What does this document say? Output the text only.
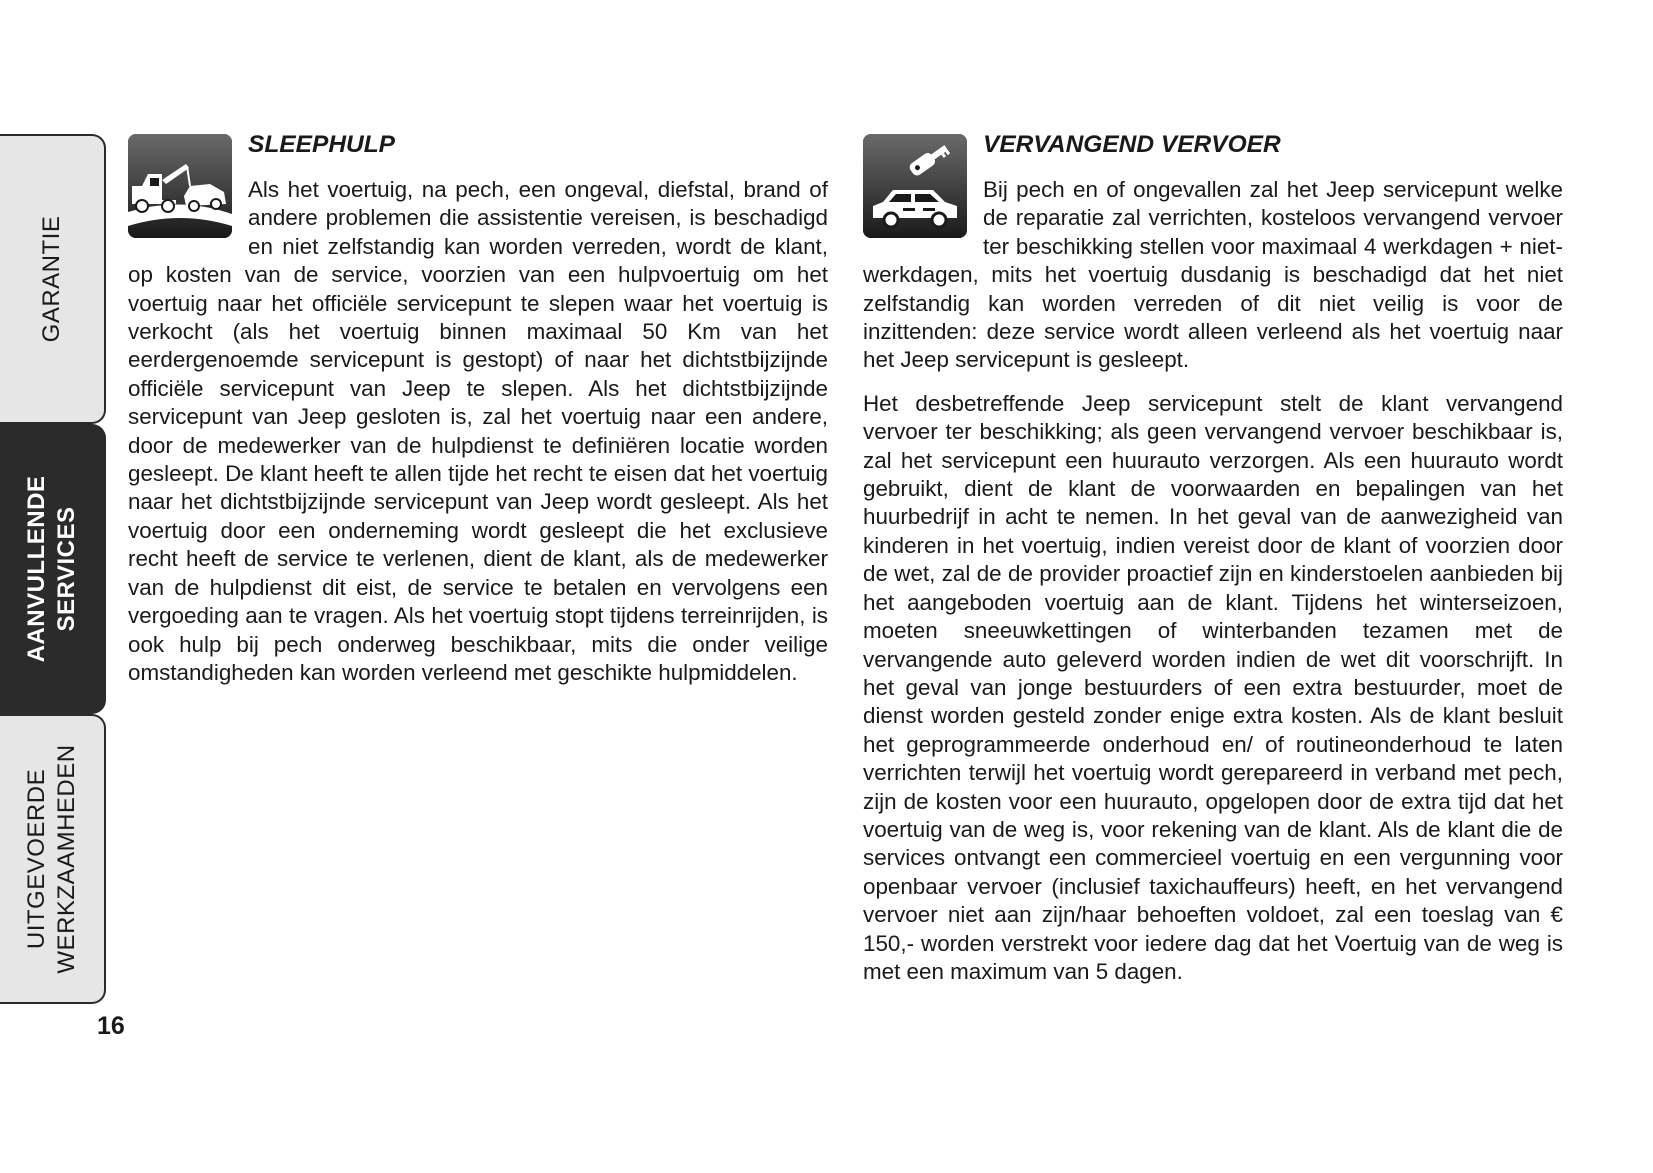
GARANTIE
AANVULLENDE SERVICES
UITGEVOERDE WERKZAAMHEDEN
16
SLEEPHULP

Als het voertuig, na pech, een ongeval, diefstal, brand of andere problemen die assistentie vereisen, is beschadigd en niet zelfstandig kan worden verreden, wordt de klant, op kosten van de service, voorzien van een hulpvoertuig om het voertuig naar het officiële servicepunt te slepen waar het voertuig is verkocht (als het voertuig binnen maximaal 50 Km van het eerdergenoemde servicepunt is gestopt) of naar het dichtstbijzijnde officiële servicepunt van Jeep te slepen. Als het dichtstbijzijnde servicepunt van Jeep gesloten is, zal het voertuig naar een andere, door de medewerker van de hulpdienst te definiëren locatie worden gesleept. De klant heeft te allen tijde het recht te eisen dat het voertuig naar het dichtstbijzijnde servicepunt van Jeep wordt gesleept. Als het voertuig door een onderneming wordt gesleept die het exclusieve recht heeft de service te verlenen, dient de klant, als de medewerker van de hulpdienst dit eist, de service te betalen en vervolgens een vergoeding aan te vragen. Als het voertuig stopt tijdens terreinrijden, is ook hulp bij pech onderweg beschikbaar, mits die onder veilige omstandigheden kan worden verleend met geschikte hulpmiddelen.

VERVANGEND VERVOER

Bij pech en of ongevallen zal het Jeep servicepunt welke de reparatie zal verrichten, kosteloos vervangend vervoer ter beschikking stellen voor maximaal 4 werkdagen + niet-werkdagen, mits het voertuig dusdanig is beschadigd dat het niet zelfstandig kan worden verreden of dit niet veilig is voor de inzittenden: deze service wordt alleen verleend als het voertuig naar het Jeep servicepunt is gesleept.

Het desbetreffende Jeep servicepunt stelt de klant vervangend vervoer ter beschikking; als geen vervangend vervoer beschikbaar is, zal het servicepunt een huurauto verzorgen. Als een huurauto wordt gebruikt, dient de klant de voorwaarden en bepalingen van het huurbedrijf in acht te nemen. In het geval van de aanwezigheid van kinderen in het voertuig, indien vereist door de klant of voorzien door de wet, zal de de provider proactief zijn en kinderstoelen aanbieden bij het aangeboden voertuig aan de klant. Tijdens het winterseizoen, moeten sneeuwkettingen of winterbanden tezamen met de vervangende auto geleverd worden indien de wet dit voorschrijft. In het geval van jonge bestuurders of een extra bestuurder, moet de dienst worden gesteld zonder enige extra kosten. Als de klant besluit het geprogrammeerde onderhoud en/ of routineonderhoud te laten verrichten terwijl het voertuig wordt gerepareerd in verband met pech, zijn de kosten voor een huurauto, opgelopen door de extra tijd dat het voertuig van de weg is, voor rekening van de klant. Als de klant die de services ontvangt een commercieel voertuig en een vergunning voor openbaar vervoer (inclusief taxichauffeurs) heeft, en het vervangend vervoer niet aan zijn/haar behoeften voldoet, zal een toeslag van € 150,- worden verstrekt voor iedere dag dat het Voertuig van de weg is met een maximum van 5 dagen.
